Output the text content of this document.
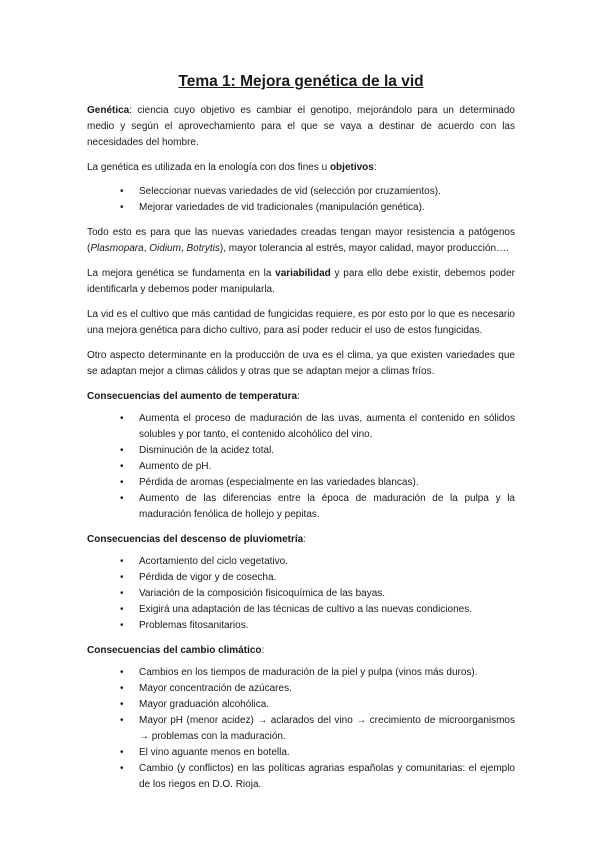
Tema 1: Mejora genética de la vid

Genética: ciencia cuyo objetivo es cambiar el genotipo, mejorándolo para un determinado medio y según el aprovechamiento para el que se vaya a destinar de acuerdo con las necesidades del hombre.

La genética es utilizada en la enología con dos fines u objetivos:

• Seleccionar nuevas variedades de vid (selección por cruzamientos).
• Mejorar variedades de vid tradicionales (manipulación genética).

Todo esto es para que las nuevas variedades creadas tengan mayor resistencia a patógenos (Plasmopara, Oidium, Botrytis), mayor tolerancia al estrés, mayor calidad, mayor producción….

La mejora genética se fundamenta en la variabilidad y para ello debe existir, debemos poder identificarla y debemos poder manipularla.

La vid es el cultivo que más cantidad de fungicidas requiere, es por esto por lo que es necesario una mejora genética para dicho cultivo, para así poder reducir el uso de estos fungicidas.

Otro aspecto determinante en la producción de uva es el clima, ya que existen variedades que se adaptan mejor a climas cálidos y otras que se adaptan mejor a climas fríos.

Consecuencias del aumento de temperatura:

• Aumenta el proceso de maduración de las uvas, aumenta el contenido en sólidos solubles y por tanto, el contenido alcohólico del vino.
• Disminución de la acidez total.
• Aumento de pH.
• Pérdida de aromas (especialmente en las variedades blancas).
• Aumento de las diferencias entre la época de maduración de la pulpa y la maduración fenólica de hollejo y pepitas.

Consecuencias del descenso de pluviometría:

• Acortamiento del ciclo vegetativo.
• Pérdida de vigor y de cosecha.
• Variación de la composición fisicoquímica de las bayas.
• Exigirá una adaptación de las técnicas de cultivo a las nuevas condiciones.
• Problemas fitosanitarios.

Consecuencias del cambio climático:

• Cambios en los tiempos de maduración de la piel y pulpa (vinos más duros).
• Mayor concentración de azúcares.
• Mayor graduación alcohólica.
• Mayor pH (menor acidez) → aclarados del vino → crecimiento de microorganismos → problemas con la maduración.
• El vino aguante menos en botella.
• Cambio (y conflictos) en las políticas agrarias españolas y comunitarias: el ejemplo de los riegos en D.O. Rioja.
